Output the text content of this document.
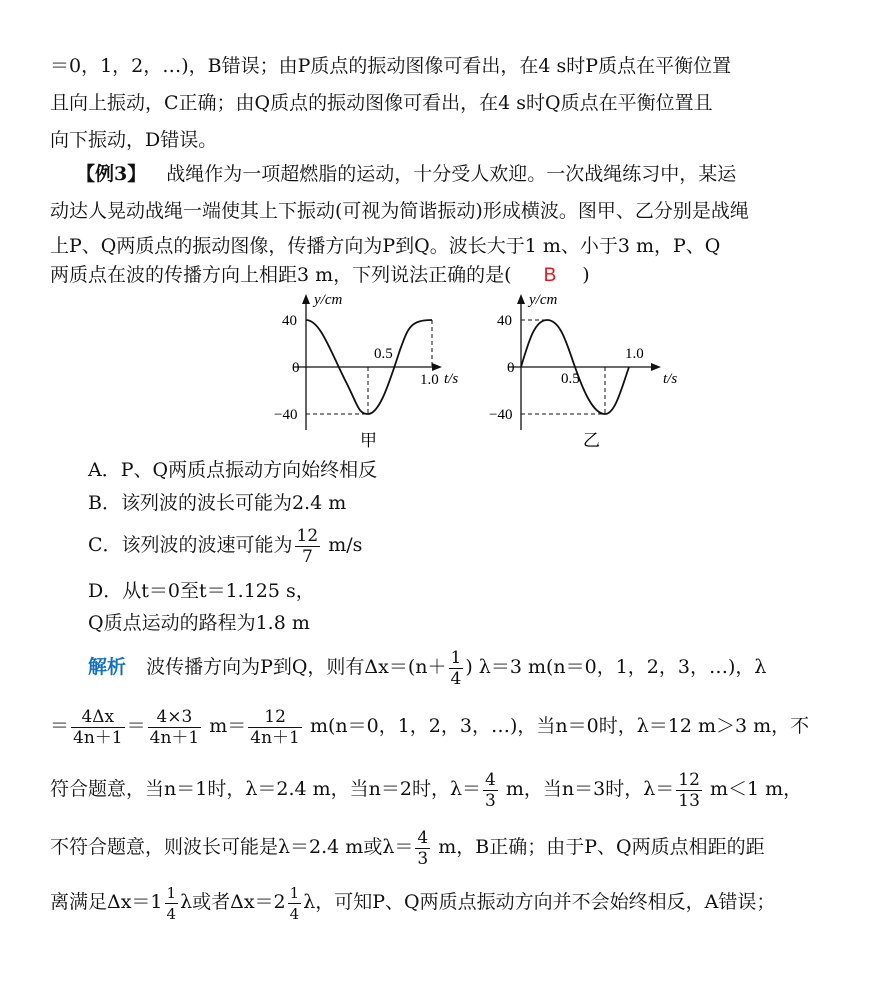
＝0，1，2，…)，B错误；由P质点的振动图像可看出，在4 s时P质点在平衡位置
且向上振动，C正确；由Q质点的振动图像可看出，在4 s时Q质点在平衡位置且
向下振动，D错误。
【例3】 战绳作为一项超燃脂的运动，十分受人欢迎。一次战绳练习中，某运
动达人晃动战绳一端使其上下振动(可视为简谐振动)形成横波。图甲、乙分别是战绳
上P、Q两质点的振动图像，传播方向为P到Q。波长大于1 m、小于3 m，P、Q
两质点在波的传播方向上相距3 m，下列说法正确的是( B )
y/cm
40
0
−40
0.5
1.0 t/s
甲
y/cm
40
0
−40
0.5
1.0
t/s
乙
A．P、Q两质点振动方向始终相反
B．该列波的波长可能为2.4 m
C．该列波的波速可能为 $\frac{12}{7} m/s$
D．从t＝0至t＝1.125 s，
Q质点运动的路程为1.8 m
解析 波传播方向为P到Q，则有$\Delta x=(n+ \frac{1}{4}$ ) λ＝3 m(n＝0，1，2，3，…)，λ
＝ $\frac{4\Delta x}{4n+1} = \frac{4\times 3}{4n+1} m= \frac{12}{4n+1} m(n=0$，1，2，3，…)，当n＝0时，λ＝12 m＞3 m，不
符合题意，当n＝1时，λ＝2.4 m，当n＝2时，$\lambda= \frac{4}{3}$ m，当n＝3时，$\lambda= \frac{12}{13} m<1$ m，
不符合题意，则波长可能是λ＝2.4 m或$\lambda= \frac{4}{3}$ m，B正确；由于P、Q两质点相距的距
离满足$\Delta x=1 \frac{1}{4}$ λ或者$\Delta x=2 \frac{1}{4}$ λ，可知P、Q两质点振动方向并不会始终相反，A错误；
